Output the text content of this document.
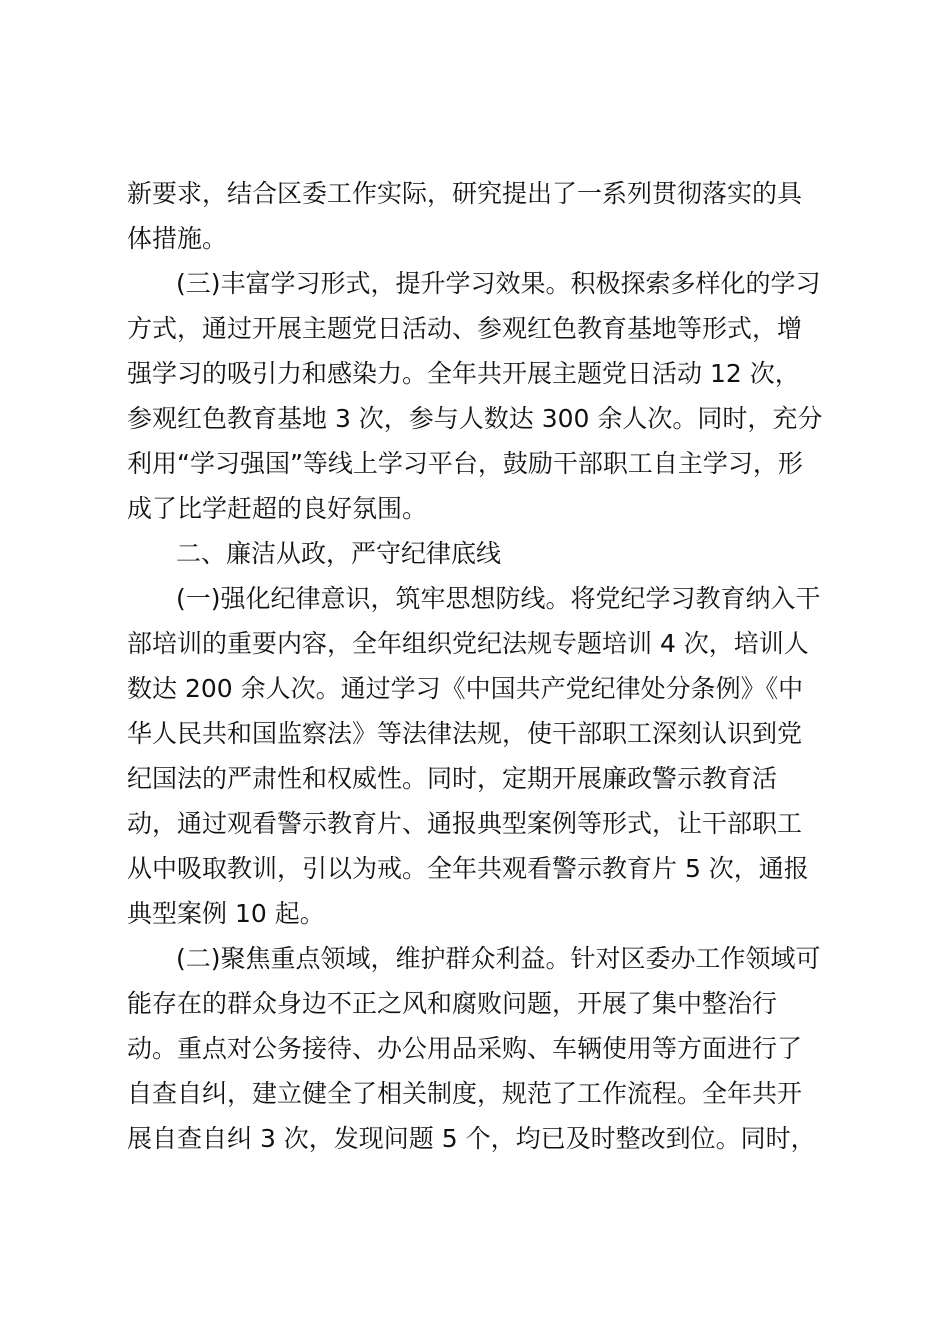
新要求，结合区委工作实际，研究提出了一系列贯彻落实的具
体措施。
(三)丰富学习形式，提升学习效果。积极探索多样化的学习
方式，通过开展主题党日活动、参观红色教育基地等形式，增
强学习的吸引力和感染力。全年共开展主题党日活动 12 次，
参观红色教育基地 3 次，参与人数达 300 余人次。同时，充分
利用“学习强国”等线上学习平台，鼓励干部职工自主学习，形
成了比学赶超的良好氛围。
二、廉洁从政，严守纪律底线
(一)强化纪律意识，筑牢思想防线。将党纪学习教育纳入干
部培训的重要内容，全年组织党纪法规专题培训 4 次，培训人
数达 200 余人次。通过学习《中国共产党纪律处分条例》《中
华人民共和国监察法》等法律法规，使干部职工深刻认识到党
纪国法的严肃性和权威性。同时，定期开展廉政警示教育活
动，通过观看警示教育片、通报典型案例等形式，让干部职工
从中吸取教训，引以为戒。全年共观看警示教育片 5 次，通报
典型案例 10 起。
(二)聚焦重点领域，维护群众利益。针对区委办工作领域可
能存在的群众身边不正之风和腐败问题，开展了集中整治行
动。重点对公务接待、办公用品采购、车辆使用等方面进行了
自查自纠，建立健全了相关制度，规范了工作流程。全年共开
展自查自纠 3 次，发现问题 5 个，均已及时整改到位。同时，
